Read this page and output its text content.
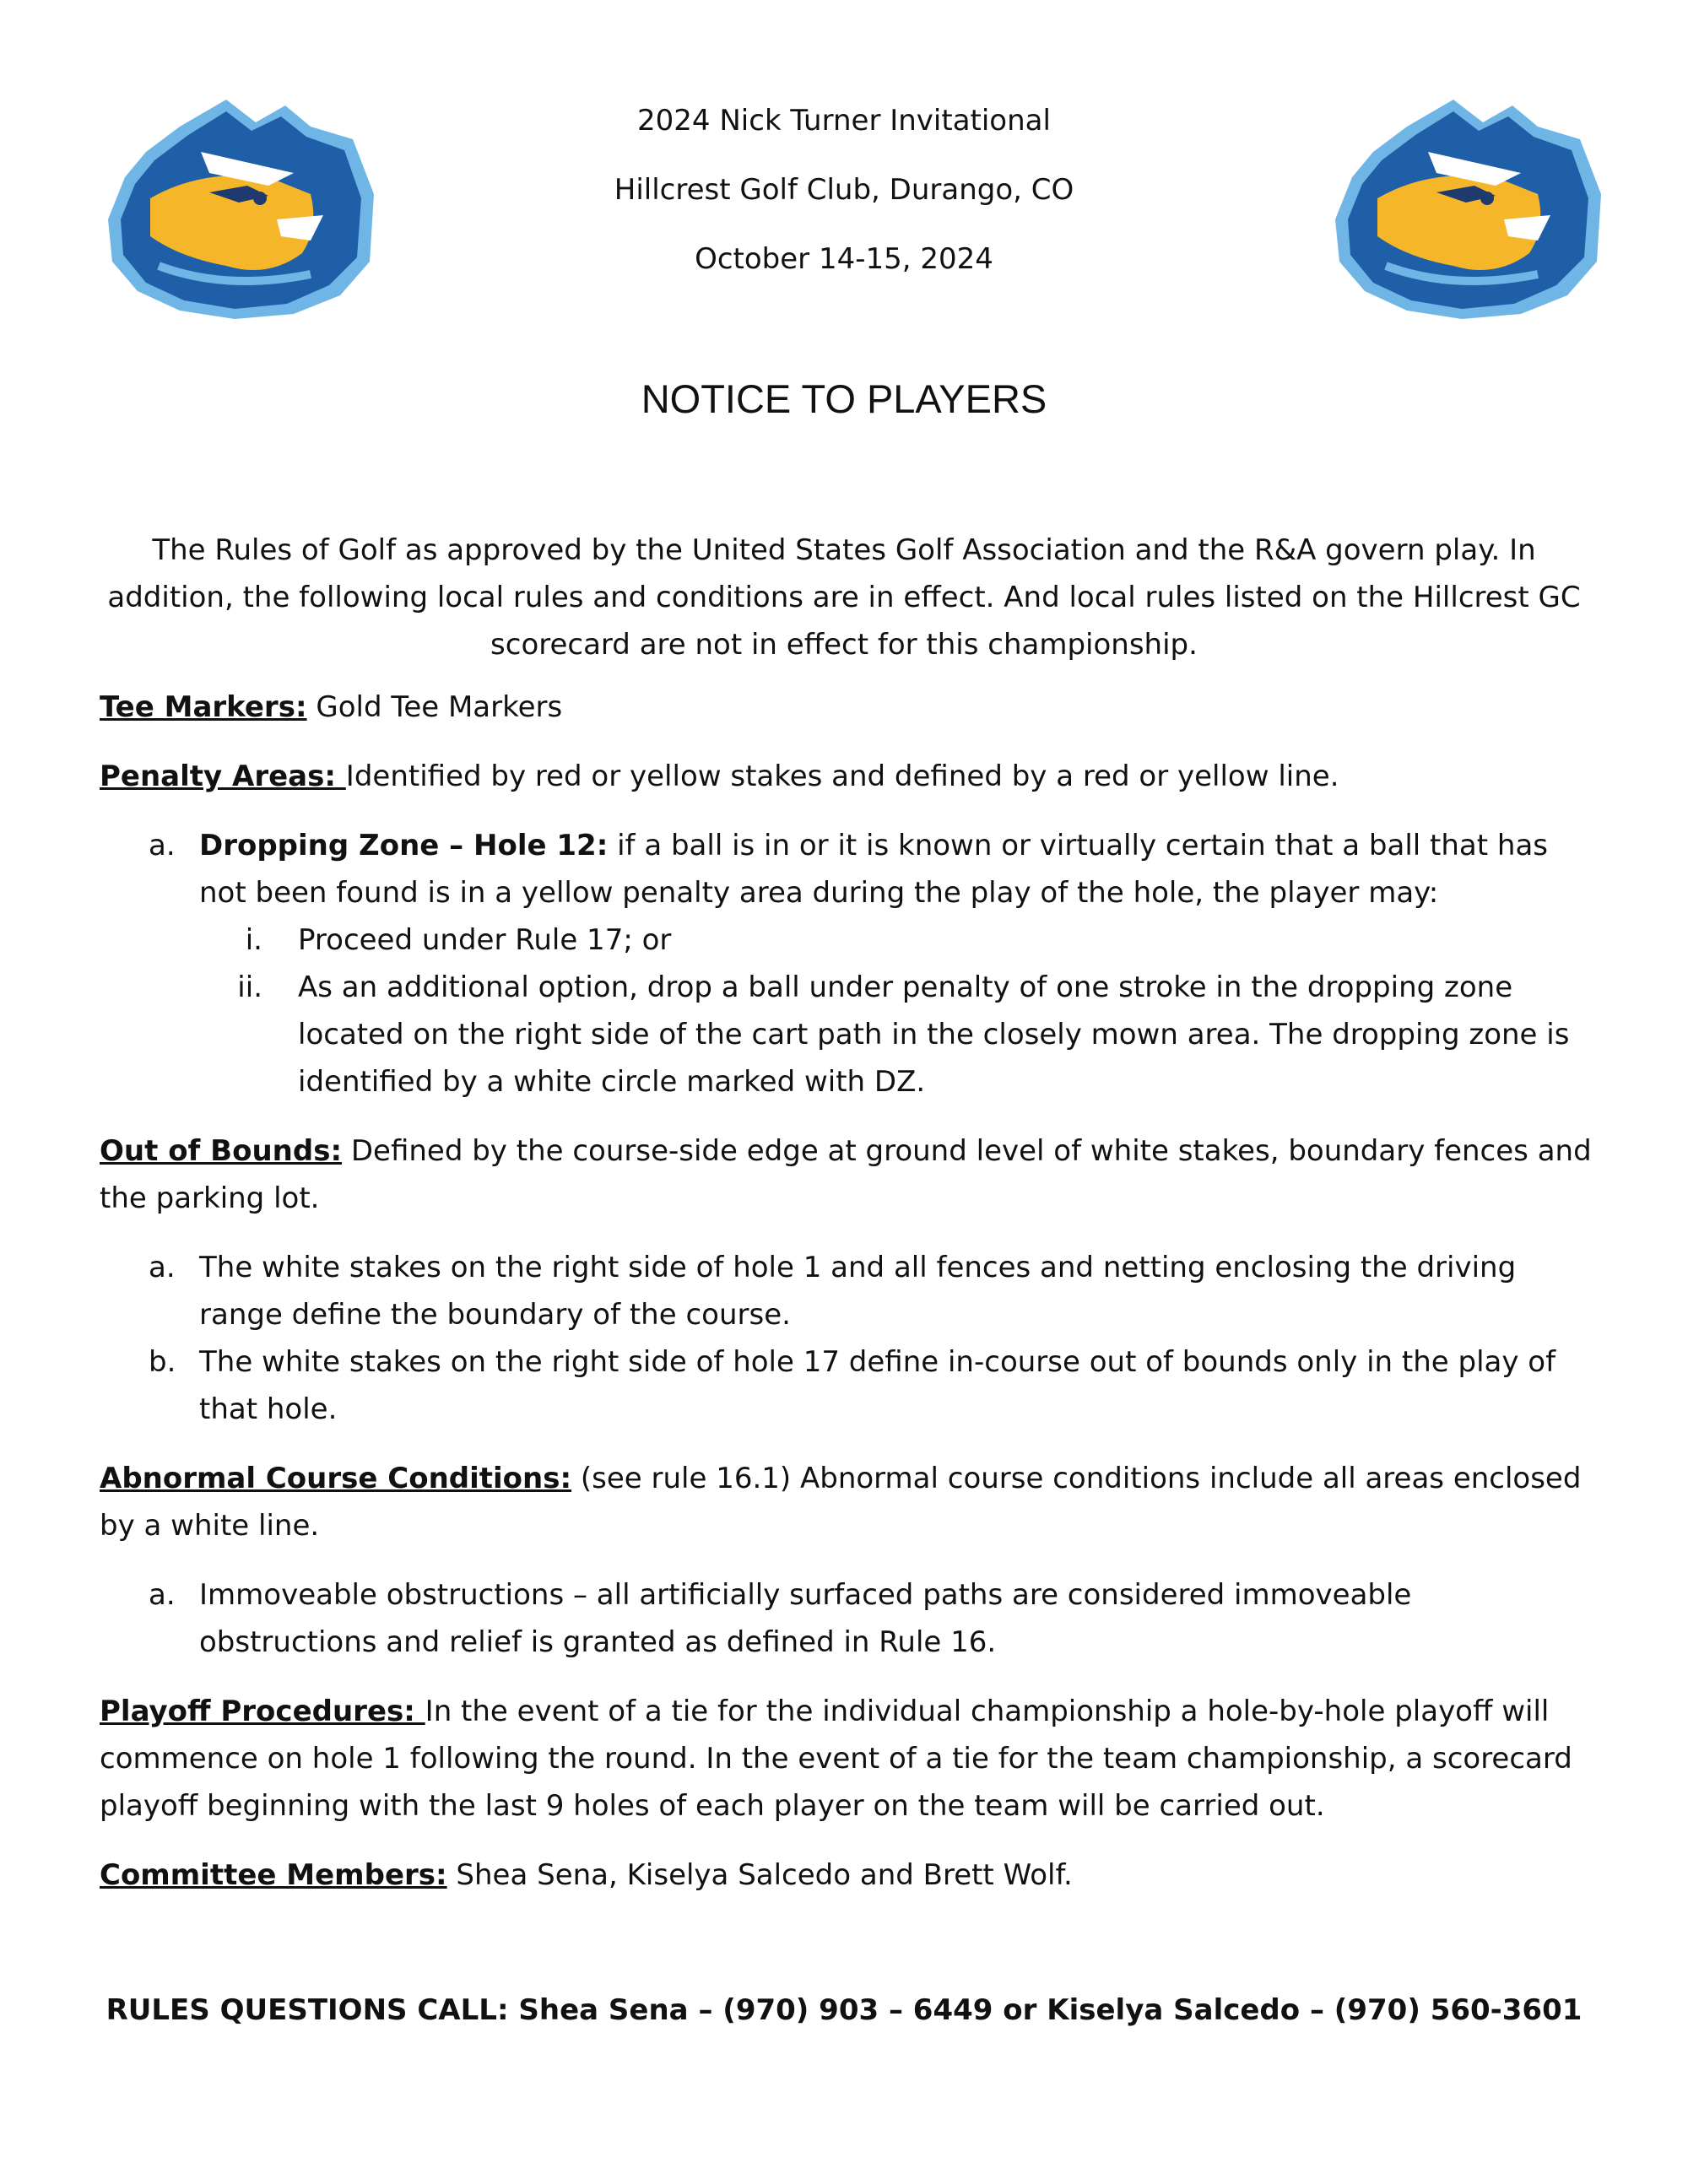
2024 Nick Turner Invitational
Hillcrest Golf Club, Durango, CO
October 14-15, 2024
NOTICE TO PLAYERS
The Rules of Golf as approved by the United States Golf Association and the R&A govern play. In addition, the following local rules and conditions are in effect. And local rules listed on the Hillcrest GC scorecard are not in effect for this championship.

Tee Markers: Gold Tee Markers

Penalty Areas: Identified by red or yellow stakes and defined by a red or yellow line.

a. Dropping Zone – Hole 12: if a ball is in or it is known or virtually certain that a ball that has not been found is in a yellow penalty area during the play of the hole, the player may:
i. Proceed under Rule 17; or
ii. As an additional option, drop a ball under penalty of one stroke in the dropping zone located on the right side of the cart path in the closely mown area. The dropping zone is identified by a white circle marked with DZ.

Out of Bounds: Defined by the course-side edge at ground level of white stakes, boundary fences and the parking lot.

a. The white stakes on the right side of hole 1 and all fences and netting enclosing the driving range define the boundary of the course.
b. The white stakes on the right side of hole 17 define in-course out of bounds only in the play of that hole.

Abnormal Course Conditions: (see rule 16.1) Abnormal course conditions include all areas enclosed by a white line.

a. Immoveable obstructions – all artificially surfaced paths are considered immoveable obstructions and relief is granted as defined in Rule 16.

Playoff Procedures: In the event of a tie for the individual championship a hole-by-hole playoff will commence on hole 1 following the round. In the event of a tie for the team championship, a scorecard playoff beginning with the last 9 holes of each player on the team will be carried out.

Committee Members: Shea Sena, Kiselya Salcedo and Brett Wolf.

RULES QUESTIONS CALL: Shea Sena – (970) 903 – 6449 or Kiselya Salcedo – (970) 560-3601
